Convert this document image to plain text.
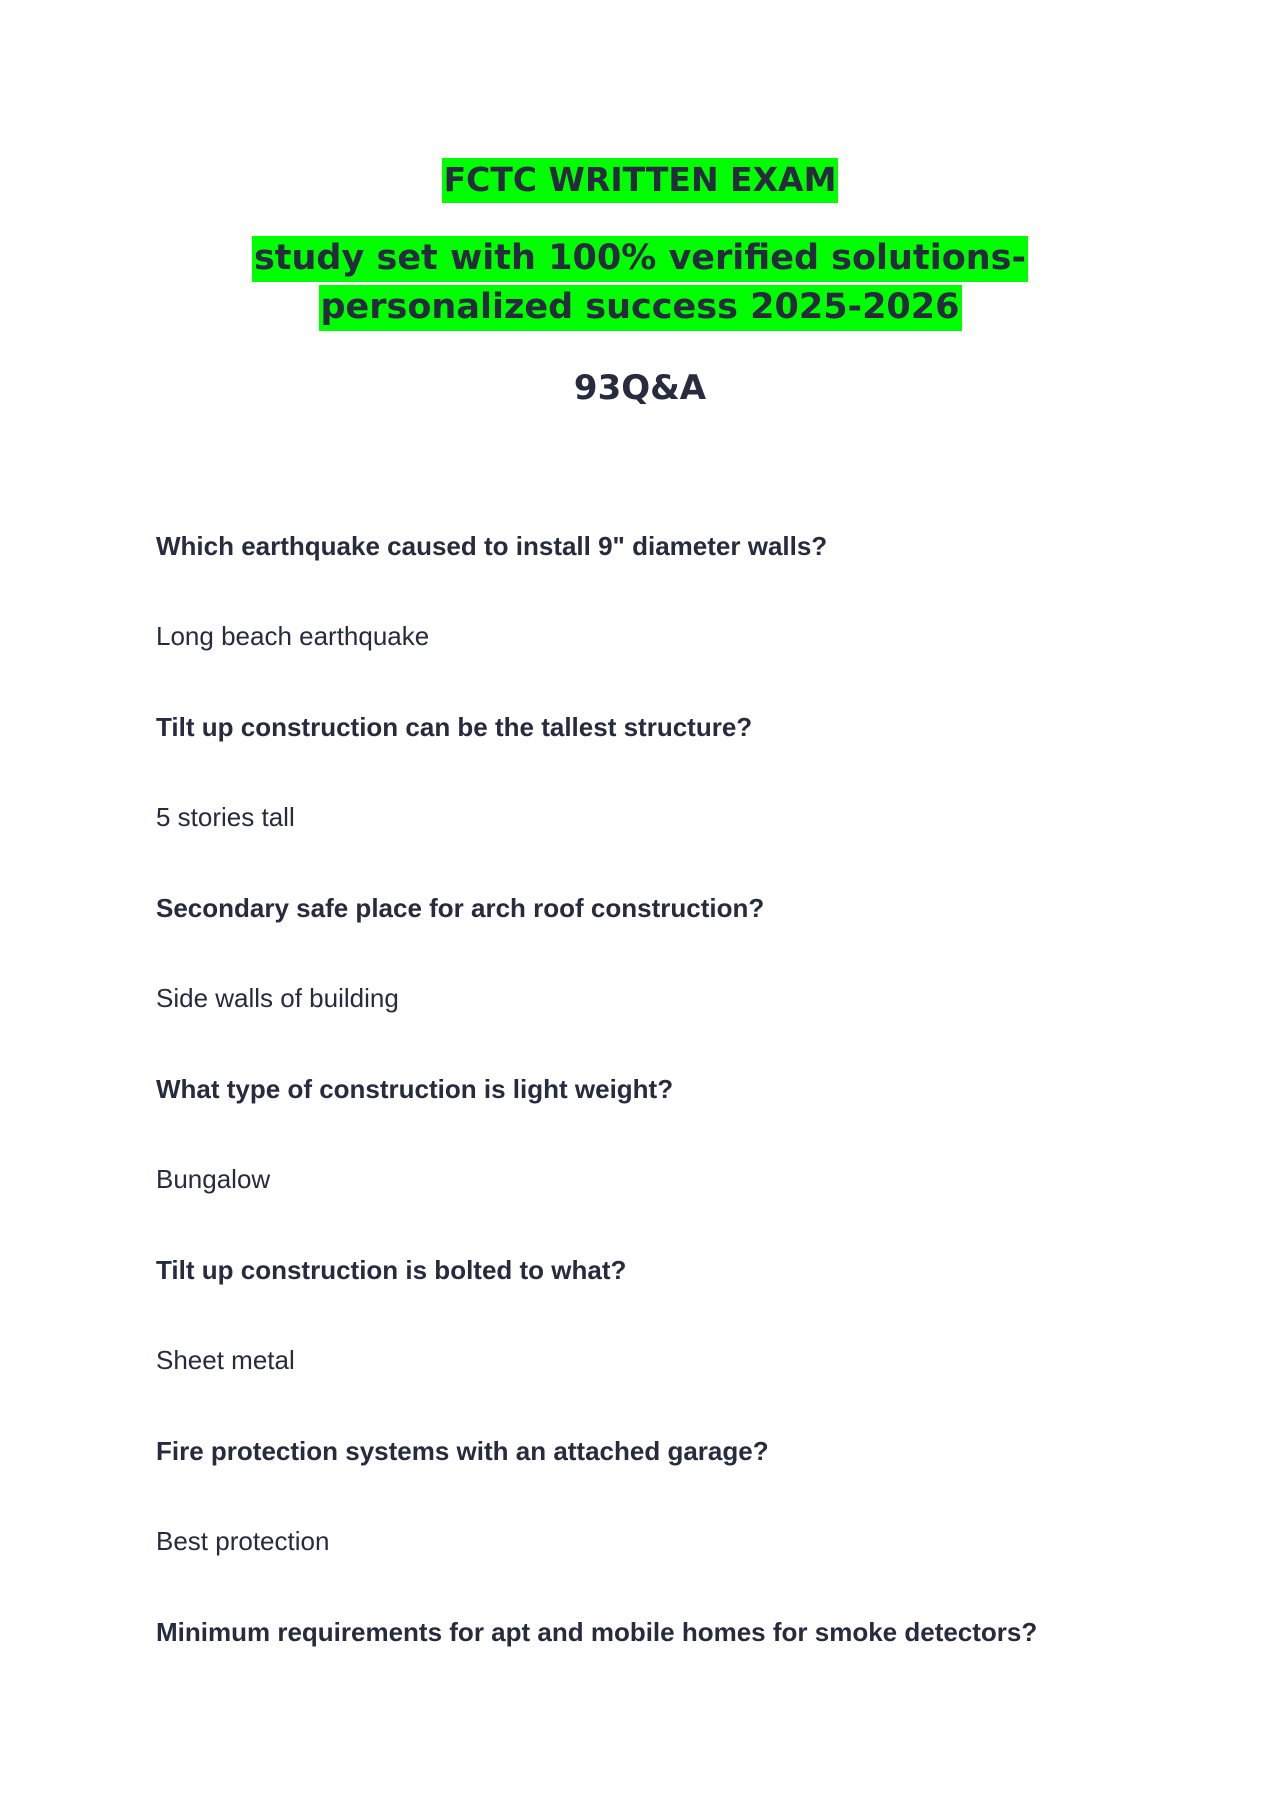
FCTC WRITTEN EXAM
study set with 100% verified solutions-personalized success 2025-2026
93Q&A
Which earthquake caused to install 9" diameter walls?
Long beach earthquake
Tilt up construction can be the tallest structure?
5 stories tall
Secondary safe place for arch roof construction?
Side walls of building
What type of construction is light weight?
Bungalow
Tilt up construction is bolted to what?
Sheet metal
Fire protection systems with an attached garage?
Best protection
Minimum requirements for apt and mobile homes for smoke detectors?
